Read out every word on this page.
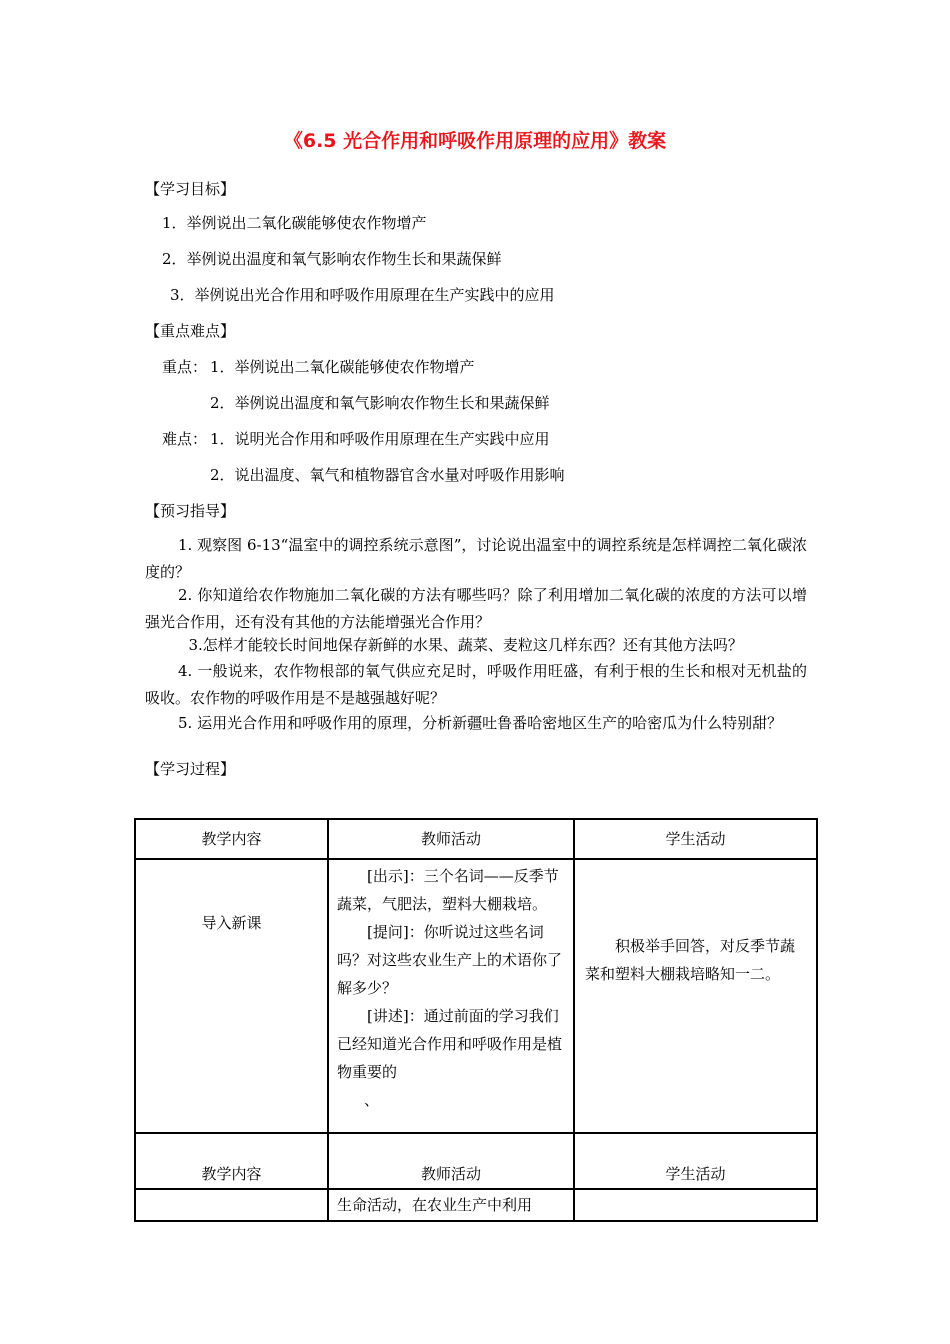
《6.5 光合作用和呼吸作用原理的应用》教案
【学习目标】
1．举例说出二氧化碳能够使农作物增产
2．举例说出温度和氧气影响农作物生长和果蔬保鲜
3．举例说出光合作用和呼吸作用原理在生产实践中的应用
【重点难点】
重点： 1．举例说出二氧化碳能够使农作物增产
2．举例说出温度和氧气影响农作物生长和果蔬保鲜
难点： 1．说明光合作用和呼吸作用原理在生产实践中应用
2．说出温度、氧气和植物器官含水量对呼吸作用影响
【预习指导】
1. 观察图 6-13“温室中的调控系统示意图”，讨论说出温室中的调控系统是怎样调控二氧化碳浓度的？
2. 你知道给农作物施加二氧化碳的方法有哪些吗？除了利用增加二氧化碳的浓度的方法可以增强光合作用，还有没有其他的方法能增强光合作用？
3.怎样才能较长时间地保存新鲜的水果、蔬菜、麦粒这几样东西？还有其他方法吗？
4. 一般说来，农作物根部的氧气供应充足时，呼吸作用旺盛，有利于根的生长和根对无机盐的吸收。农作物的呼吸作用是不是越强越好呢？
5. 运用光合作用和呼吸作用的原理，分析新疆吐鲁番哈密地区生产的哈密瓜为什么特别甜？
【学习过程】
教学内容	教师活动	学生活动

导入新课	[出示]：三个名词——反季节蔬菜，气肥法，塑料大棚栽培。

[提问]：你听说过这些名词吗？对这些农业生产上的术语你了解多少？

[讲述]：通过前面的学习我们已经知道光合作用和呼吸作用是植物重要的

、	积极举手回答，对反季节蔬菜和塑料大棚栽培略知一二。

教学内容	教师活动	学生活动

	生命活动，在农业生产中利用	
